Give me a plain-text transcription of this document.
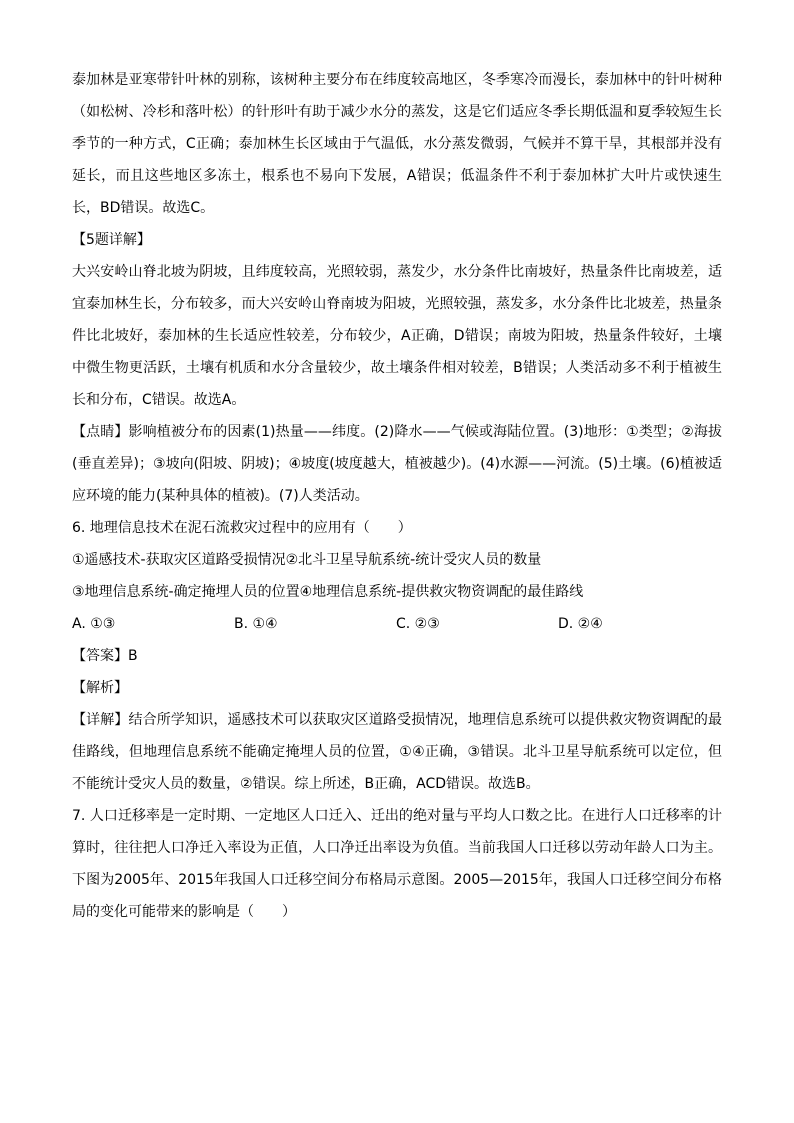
泰加林是亚寒带针叶林的别称，该树种主要分布在纬度较高地区，冬季寒冷而漫长，泰加林中的针叶树种（如松树、冷杉和落叶松）的针形叶有助于减少水分的蒸发，这是它们适应冬季长期低温和夏季较短生长季节的一种方式，C正确；泰加林生长区域由于气温低，水分蒸发微弱，气候并不算干旱，其根部并没有延长，而且这些地区多冻土，根系也不易向下发展，A错误；低温条件不利于泰加林扩大叶片或快速生长，BD错误。故选C。

【5题详解】

大兴安岭山脊北坡为阴坡，且纬度较高，光照较弱，蒸发少，水分条件比南坡好，热量条件比南坡差，适宜泰加林生长，分布较多，而大兴安岭山脊南坡为阳坡，光照较强，蒸发多，水分条件比北坡差，热量条件比北坡好，泰加林的生长适应性较差，分布较少，A正确，D错误；南坡为阳坡，热量条件较好，土壤中微生物更活跃，土壤有机质和水分含量较少，故土壤条件相对较差，B错误；人类活动多不利于植被生长和分布，C错误。故选A。

【点睛】影响植被分布的因素(1)热量——纬度。(2)降水——气候或海陆位置。(3)地形：①类型；②海拔(垂直差异)；③坡向(阳坡、阴坡)；④坡度(坡度越大，植被越少)。(4)水源——河流。(5)土壤。(6)植被适应环境的能力(某种具体的植被)。(7)人类活动。

6. 地理信息技术在泥石流救灾过程中的应用有（　　）

①遥感技术-获取灾区道路受损情况②北斗卫星导航系统-统计受灾人员的数量

③地理信息系统-确定掩埋人员的位置④地理信息系统-提供救灾物资调配的最佳路线

A. ①③	B. ①④	C. ②③	D. ②④

【答案】B

【解析】

【详解】结合所学知识，遥感技术可以获取灾区道路受损情况，地理信息系统可以提供救灾物资调配的最佳路线，但地理信息系统不能确定掩埋人员的位置，①④正确，③错误。北斗卫星导航系统可以定位，但不能统计受灾人员的数量，②错误。综上所述，B正确，ACD错误。故选B。

7. 人口迁移率是一定时期、一定地区人口迁入、迁出的绝对量与平均人口数之比。在进行人口迁移率的计算时，往往把人口净迁入率设为正值，人口净迁出率设为负值。当前我国人口迁移以劳动年龄人口为主。下图为2005年、2015年我国人口迁移空间分布格局示意图。2005—2015年，我国人口迁移空间分布格局的变化可能带来的影响是（　　）
